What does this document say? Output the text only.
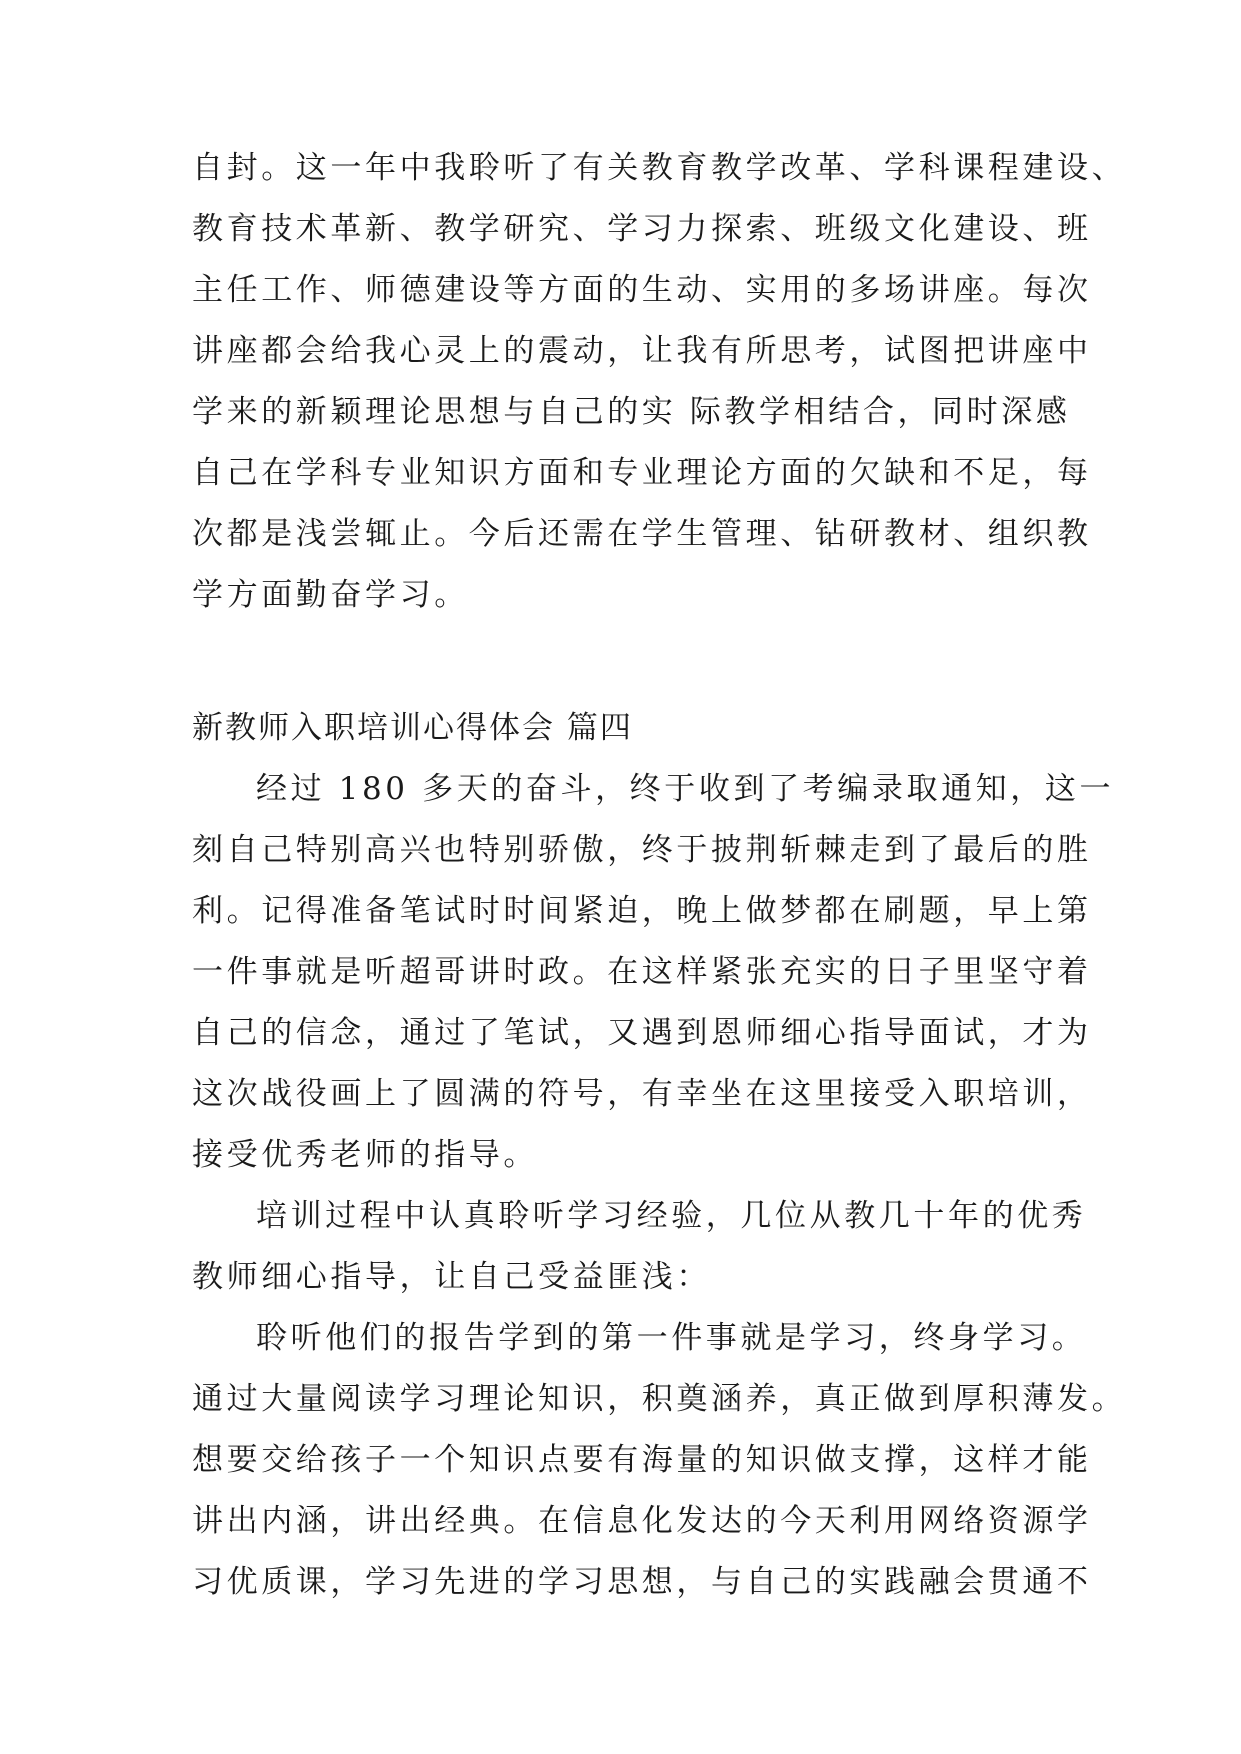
自封。这一年中我聆听了有关教育教学改革、学科课程建设、
教育技术革新、教学研究、学习力探索、班级文化建设、班
主任工作、师德建设等方面的生动、实用的多场讲座。每次
讲座都会给我心灵上的震动，让我有所思考，试图把讲座中
学来的新颖理论思想与自己的实 际教学相结合，同时深感
自己在学科专业知识方面和专业理论方面的欠缺和不足，每
次都是浅尝辄止。今后还需在学生管理、钻研教材、组织教
学方面勤奋学习。
新教师入职培训心得体会 篇四
经过 180 多天的奋斗，终于收到了考编录取通知，这一
刻自己特别高兴也特别骄傲，终于披荆斩棘走到了最后的胜
利。记得准备笔试时时间紧迫，晚上做梦都在刷题，早上第
一件事就是听超哥讲时政。在这样紧张充实的日子里坚守着
自己的信念，通过了笔试，又遇到恩师细心指导面试，才为
这次战役画上了圆满的符号，有幸坐在这里接受入职培训，
接受优秀老师的指导。
培训过程中认真聆听学习经验，几位从教几十年的优秀
教师细心指导，让自己受益匪浅：
聆听他们的报告学到的第一件事就是学习，终身学习。
通过大量阅读学习理论知识，积奠涵养，真正做到厚积薄发。
想要交给孩子一个知识点要有海量的知识做支撑，这样才能
讲出内涵，讲出经典。在信息化发达的今天利用网络资源学
习优质课，学习先进的学习思想，与自己的实践融会贯通不
